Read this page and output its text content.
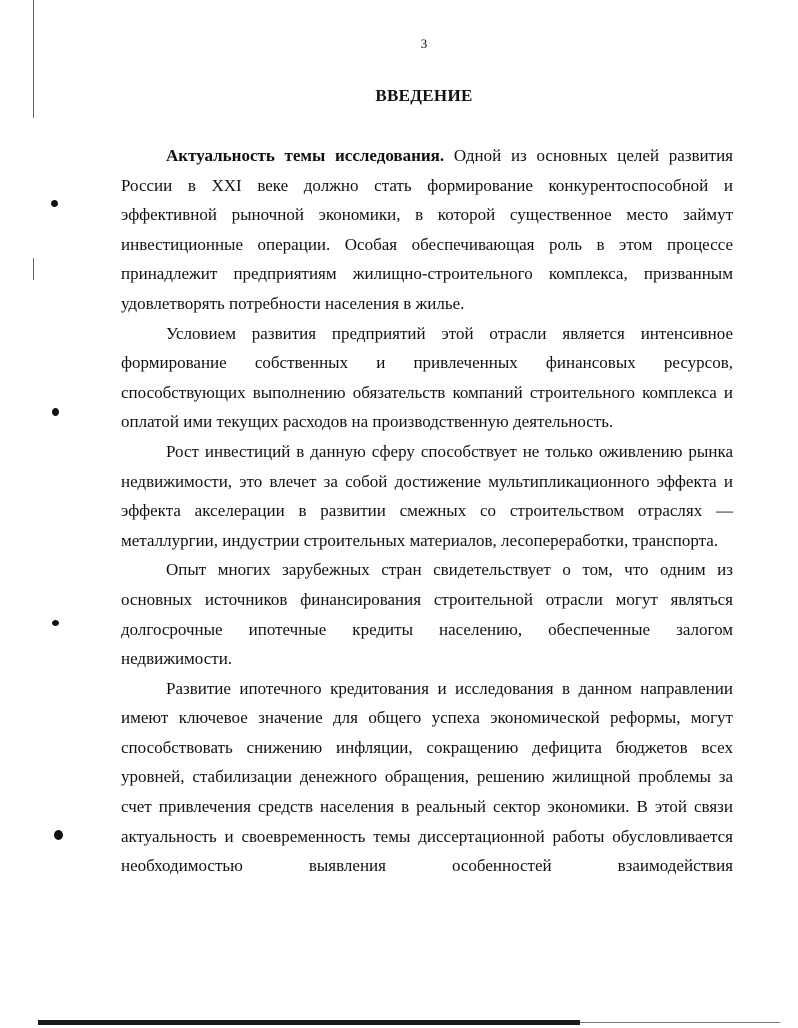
3
ВВЕДЕНИЕ

Актуальность темы исследования. Одной из основных целей развития России в XXI веке должно стать формирование конкурентоспособной и эффективной рыночной экономики, в которой существенное место займут инвестиционные операции. Особая обеспечивающая роль в этом процессе принадлежит предприятиям жилищно-строительного комплекса, призванным удовлетворять потребности населения в жилье.

Условием развития предприятий этой отрасли является интенсивное формирование собственных и привлеченных финансовых ресурсов, способствующих выполнению обязательств компаний строительного комплекса и оплатой ими текущих расходов на производственную деятельность.

Рост инвестиций в данную сферу способствует не только оживлению рынка недвижимости, это влечет за собой достижение мультипликационного эффекта и эффекта акселерации в развитии смежных со строительством отраслях — металлургии, индустрии строительных материалов, лесопереработки, транспорта.

Опыт многих зарубежных стран свидетельствует о том, что одним из основных источников финансирования строительной отрасли могут являться долгосрочные ипотечные кредиты населению, обеспеченные залогом недвижимости.

Развитие ипотечного кредитования и исследования в данном направлении имеют ключевое значение для общего успеха экономической реформы, могут способствовать снижению инфляции, сокращению дефицита бюджетов всех уровней, стабилизации денежного обращения, решению жилищной проблемы за счет привлечения средств населения в реальный сектор экономики. В этой связи актуальность и своевременность темы диссертационной работы обусловливается необходимостью выявления особенностей взаимодействия
